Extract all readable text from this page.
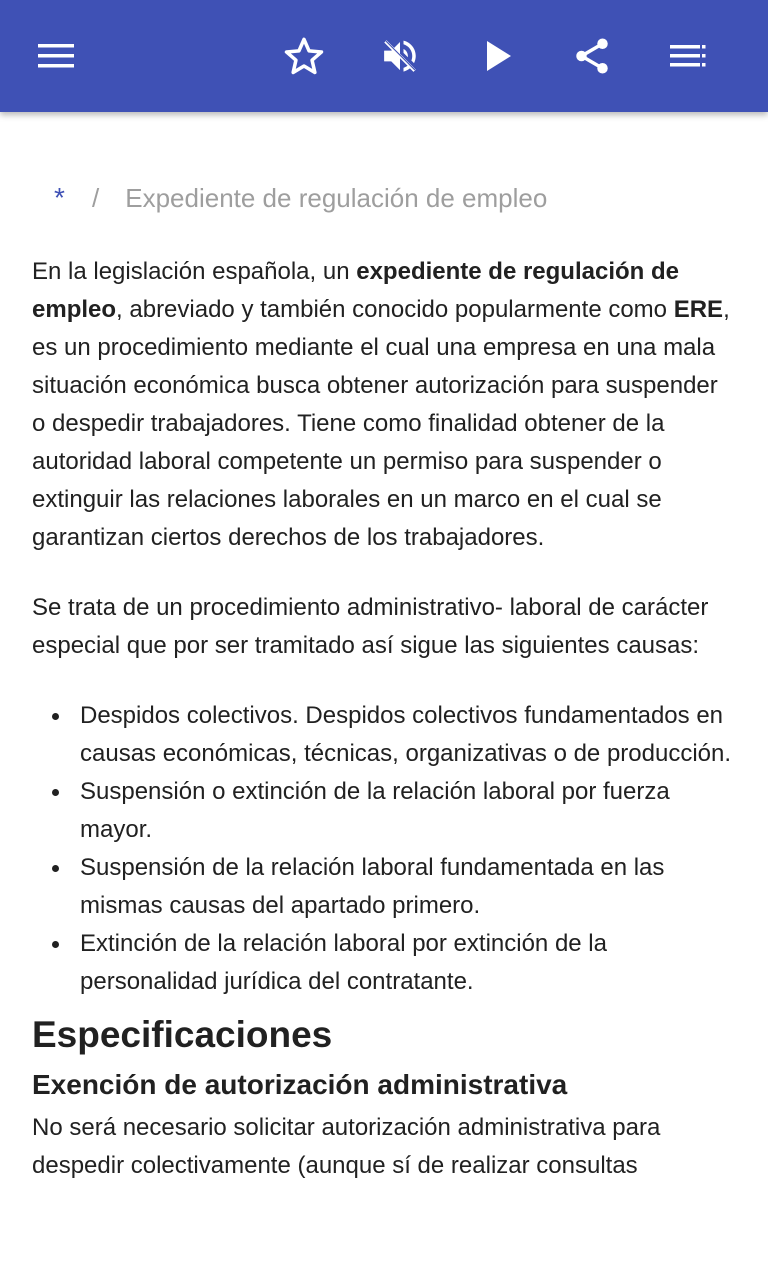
*	/ Expediente de regulación de empleo

En la legislación española, un expediente de regulación de empleo, abreviado y también conocido popularmente como ERE, es un procedimiento mediante el cual una empresa en una mala situación económica busca obtener autorización para suspender o despedir trabajadores. Tiene como finalidad obtener de la autoridad laboral competente un permiso para suspender o extinguir las relaciones laborales en un marco en el cual se garantizan ciertos derechos de los trabajadores.

Se trata de un procedimiento administrativo- laboral de carácter especial que por ser tramitado así sigue las siguientes causas:

Despidos colectivos. Despidos colectivos fundamentados en causas económicas, técnicas, organizativas o de producción.
Suspensión o extinción de la relación laboral por fuerza mayor.
Suspensión de la relación laboral fundamentada en las mismas causas del apartado primero.
Extinción de la relación laboral por extinción de la personalidad jurídica del contratante.
Especificaciones
Exención de autorización administrativa

No será necesario solicitar autorización administrativa para despedir colectivamente (aunque sí de realizar consultas
